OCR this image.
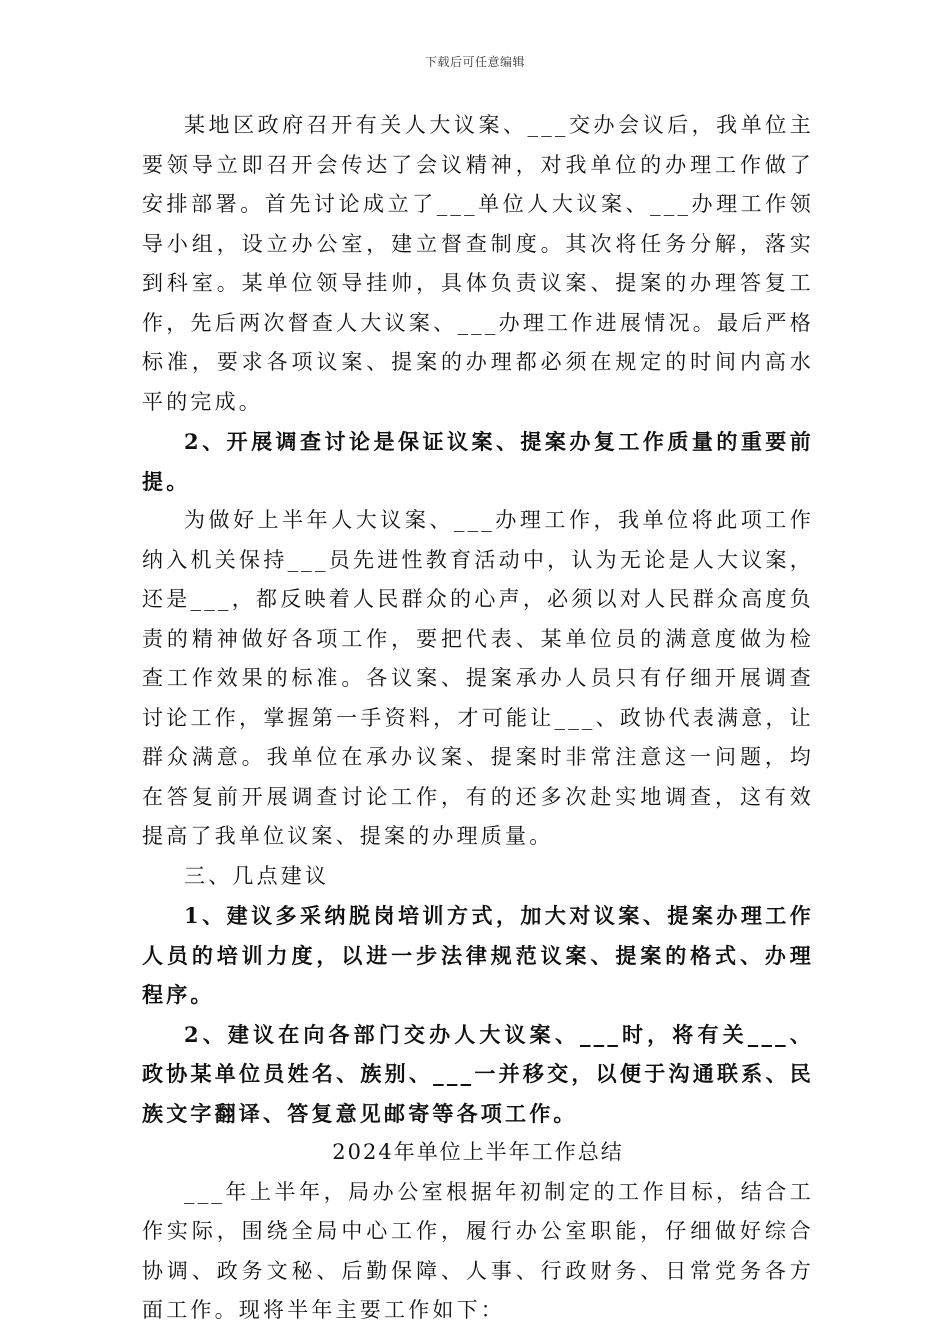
下载后可任意编辑

某地区政府召开有关人大议案、___交办会议后，我单位主要领导立即召开会传达了会议精神，对我单位的办理工作做了安排部署。首先讨论成立了___单位人大议案、___办理工作领导小组，设立办公室，建立督查制度。其次将任务分解，落实到科室。某单位领导挂帅，具体负责议案、提案的办理答复工作，先后两次督查人大议案、___办理工作进展情况。最后严格标准，要求各项议案、提案的办理都必须在规定的时间内高水平的完成。

2、开展调查讨论是保证议案、提案办复工作质量的重要前提。

为做好上半年人大议案、___办理工作，我单位将此项工作纳入机关保持___员先进性教育活动中，认为无论是人大议案，还是___，都反映着人民群众的心声，必须以对人民群众高度负责的精神做好各项工作，要把代表、某单位员的满意度做为检查工作效果的标准。各议案、提案承办人员只有仔细开展调查讨论工作，掌握第一手资料，才可能让___、政协代表满意，让群众满意。我单位在承办议案、提案时非常注意这一问题，均在答复前开展调查讨论工作，有的还多次赴实地调查，这有效提高了我单位议案、提案的办理质量。

三、几点建议

1、建议多采纳脱岗培训方式，加大对议案、提案办理工作人员的培训力度，以进一步法律规范议案、提案的格式、办理程序。

2、建议在向各部门交办人大议案、___时，将有关___、政协某单位员姓名、族别、___一并移交，以便于沟通联系、民族文字翻译、答复意见邮寄等各项工作。

2024年单位上半年工作总结

___年上半年，局办公室根据年初制定的工作目标，结合工作实际，围绕全局中心工作，履行办公室职能，仔细做好综合协调、政务文秘、后勤保障、人事、行政财务、日常党务各方面工作。现将半年主要工作如下：
